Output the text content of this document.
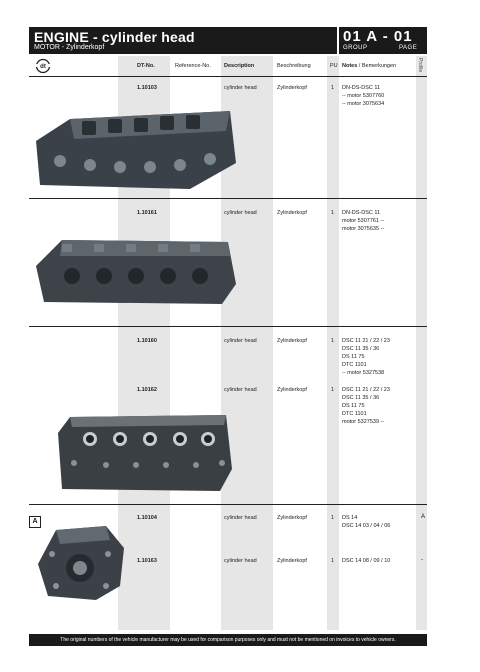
ENGINE - cylinder head
MOTOR - Zylinderkopf
01 A - 01
GROUP	PAGE
dt	DT-No.	Reference-No. Description	Beschreibung	PU Notes / Bemerkungen	Profile
1.10103	cylinder head	Zylinderkopf	1 DN-DS-DSC 11
-- motor 5307760
-- motor 3075634
1.10161	cylinder head	Zylinderkopf	1 DN-DS-DSC 11
motor 5307761 --
motor 3075635 --
1.10160	cylinder head	Zylinderkopf	1 DSC 11 21 / 22 / 23
DSC 11 35 / 36
DS 11 75
DTC 1101
-- motor 5327538
1.10162	cylinder head	Zylinderkopf	1 DSC 11 21 / 22 / 23
DSC 11 35 / 36
DS 11 75
DTC 1101
motor 5327539 --
A	1.10104	cylinder head	Zylinderkopf	1 DS 14
DSC 14 03 / 04 / 06
A
1.10163	cylinder head	Zylinderkopf	1 DSC 14 08 / 09 / 10	-
The original numbers of the vehicle manufacturer may be used for comparison purposes only and must not be mentioned on invoices to vehicle owners.
